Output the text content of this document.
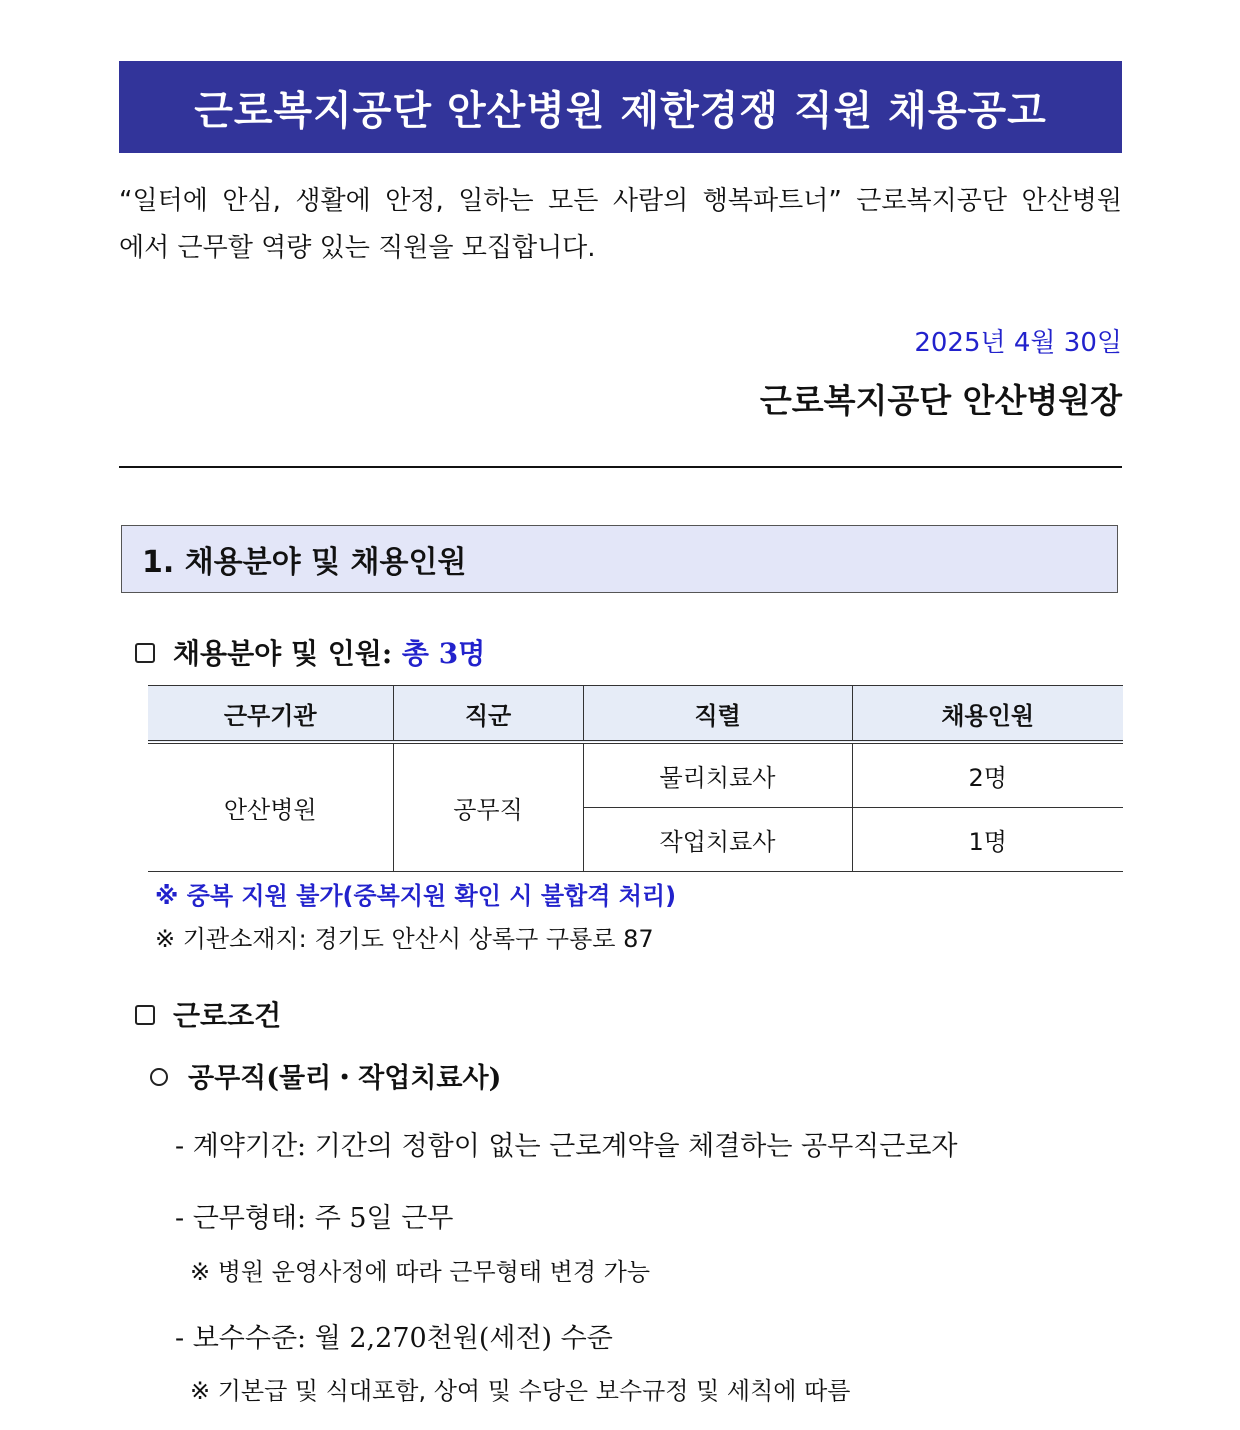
근로복지공단 안산병원 제한경쟁 직원 채용공고
“일터에 안심, 생활에 안정, 일하는 모든 사람의 행복파트너” 근로복지공단 안산병원
에서 근무할 역량 있는 직원을 모집합니다.
2025년 4월 30일
근로복지공단 안산병원장
1. 채용분야 및 채용인원
채용분야 및 인원: 총 3명
근무기관	직군	직렬	채용인원
안산병원	공무직	물리치료사	2명
		작업치료사	1명
※ 중복 지원 불가(중복지원 확인 시 불합격 처리)
※ 기관소재지: 경기도 안산시 상록구 구룡로 87
근로조건
공무직(물리・작업치료사)
- 계약기간: 기간의 정함이 없는 근로계약을 체결하는 공무직근로자
- 근무형태: 주 5일 근무
※ 병원 운영사정에 따라 근무형태 변경 가능
- 보수수준: 월 2,270천원(세전) 수준
※ 기본급 및 식대포함, 상여 및 수당은 보수규정 및 세칙에 따름
